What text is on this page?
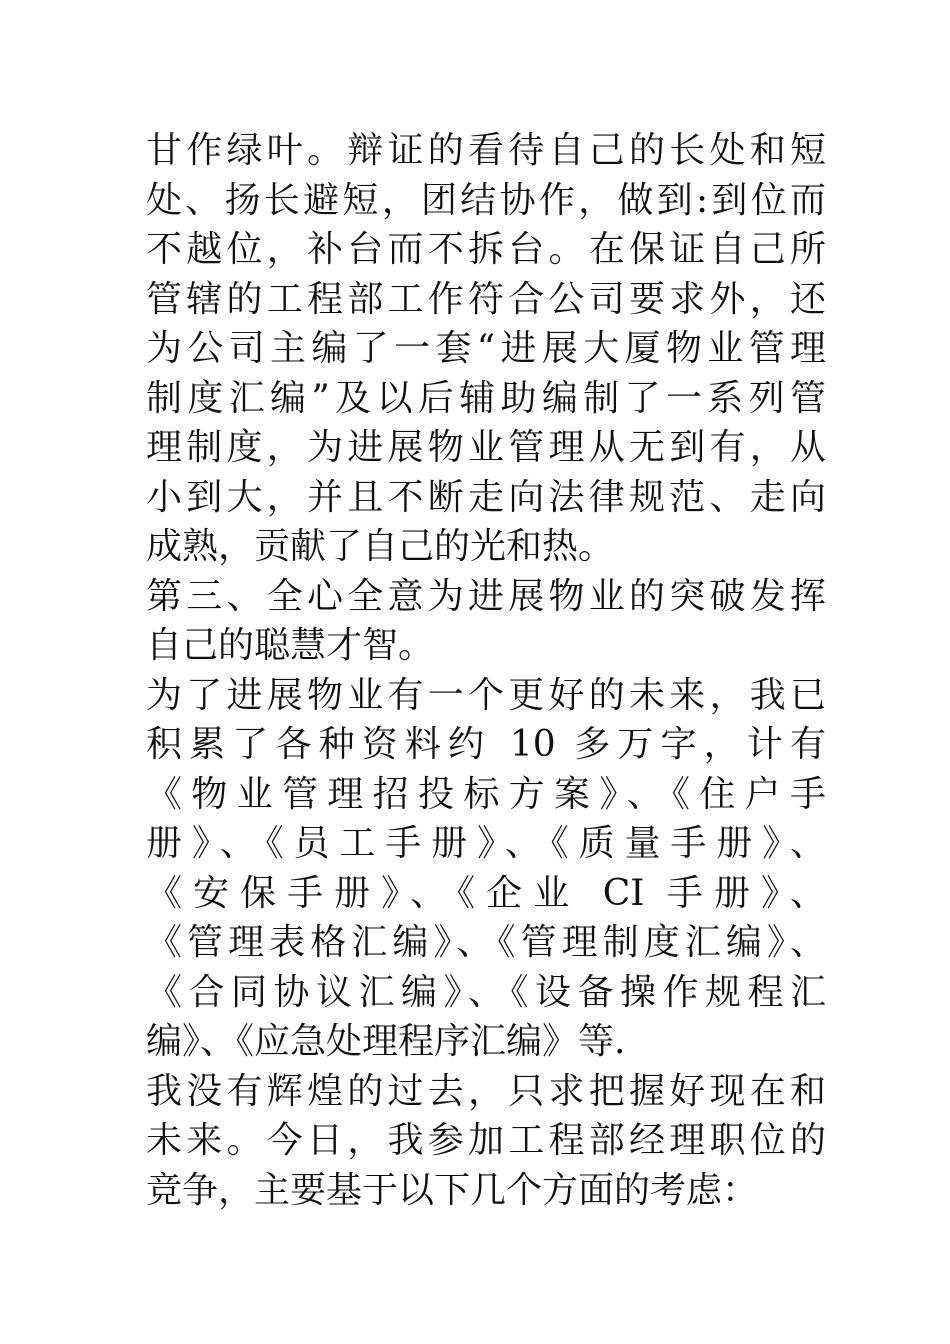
甘作绿叶。辩证的看待自己的长处和短
处、扬长避短，团结协作，做到:到位而
不越位，补台而不拆台。在保证自己所
管辖的工程部工作符合公司要求外，还
为公司主编了一套“进展大厦物业管理
制度汇编”及以后辅助编制了一系列管
理制度，为进展物业管理从无到有，从
小到大，并且不断走向法律规范、走向
成熟，贡献了自己的光和热。
第三、全心全意为进展物业的突破发挥
自己的聪慧才智。
为了进展物业有一个更好的未来，我已
积累了各种资料约 10 多万字，计有
《物业管理招投标方案》、《住户手
册》、《员工手册》、《质量手册》、
《安保手册》、《企业 CI 手册》、
《管理表格汇编》、《管理制度汇编》、
《合同协议汇编》、《设备操作规程汇
编》、《应急处理程序汇编》等.
我没有辉煌的过去，只求把握好现在和
未来。今日，我参加工程部经理职位的
竞争，主要基于以下几个方面的考虑：
